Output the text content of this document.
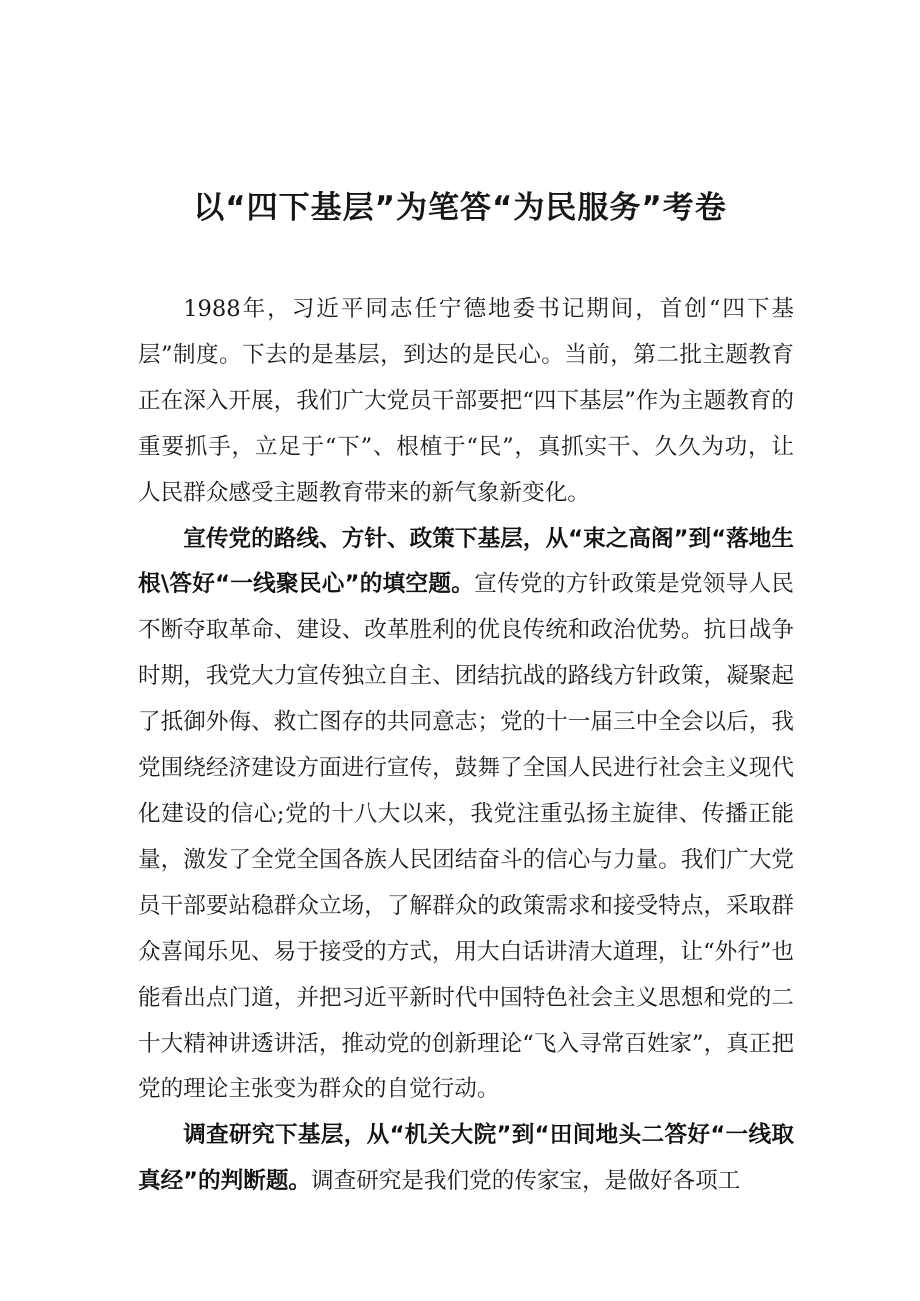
以“四下基层”为笔答“为民服务”考卷

1988年，习近平同志任宁德地委书记期间，首创“四下基层”制度。下去的是基层，到达的是民心。当前，第二批主题教育正在深入开展，我们广大党员干部要把“四下基层”作为主题教育的重要抓手，立足于“下”、根植于“民”，真抓实干、久久为功，让人民群众感受主题教育带来的新气象新变化。

宣传党的路线、方针、政策下基层，从“束之高阁”到“落地生根\答好“一线聚民心”的填空题。宣传党的方针政策是党领导人民不断夺取革命、建设、改革胜利的优良传统和政治优势。抗日战争时期，我党大力宣传独立自主、团结抗战的路线方针政策，凝聚起了抵御外侮、救亡图存的共同意志；党的十一届三中全会以后，我党围绕经济建设方面进行宣传，鼓舞了全国人民进行社会主义现代化建设的信心;党的十八大以来，我党注重弘扬主旋律、传播正能量，激发了全党全国各族人民团结奋斗的信心与力量。我们广大党员干部要站稳群众立场，了解群众的政策需求和接受特点，采取群众喜闻乐见、易于接受的方式，用大白话讲清大道理，让“外行”也能看出点门道，并把习近平新时代中国特色社会主义思想和党的二十大精神讲透讲活，推动党的创新理论“飞入寻常百姓家”，真正把党的理论主张变为群众的自觉行动。

调查研究下基层，从“机关大院”到“田间地头二答好“一线取真经”的判断题。调查研究是我们党的传家宝，是做好各项工
